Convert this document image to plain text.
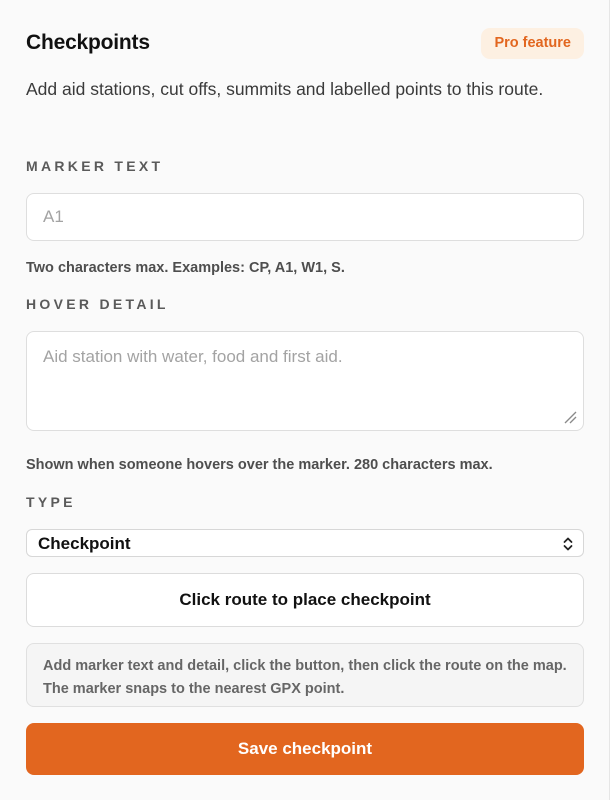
Checkpoints	Pro feature

Add aid stations, cut offs, summits and labelled points to this route.

MARKER TEXT
A1
Two characters max. Examples: CP, A1, W1, S.
HOVER DETAIL
Aid station with water, food and first aid.
Shown when someone hovers over the marker. 280 characters max.
TYPE
Checkpoint
Click route to place checkpoint
Add marker text and detail, click the button, then click the route on the map. The marker snaps to the nearest GPX point.
Save checkpoint
